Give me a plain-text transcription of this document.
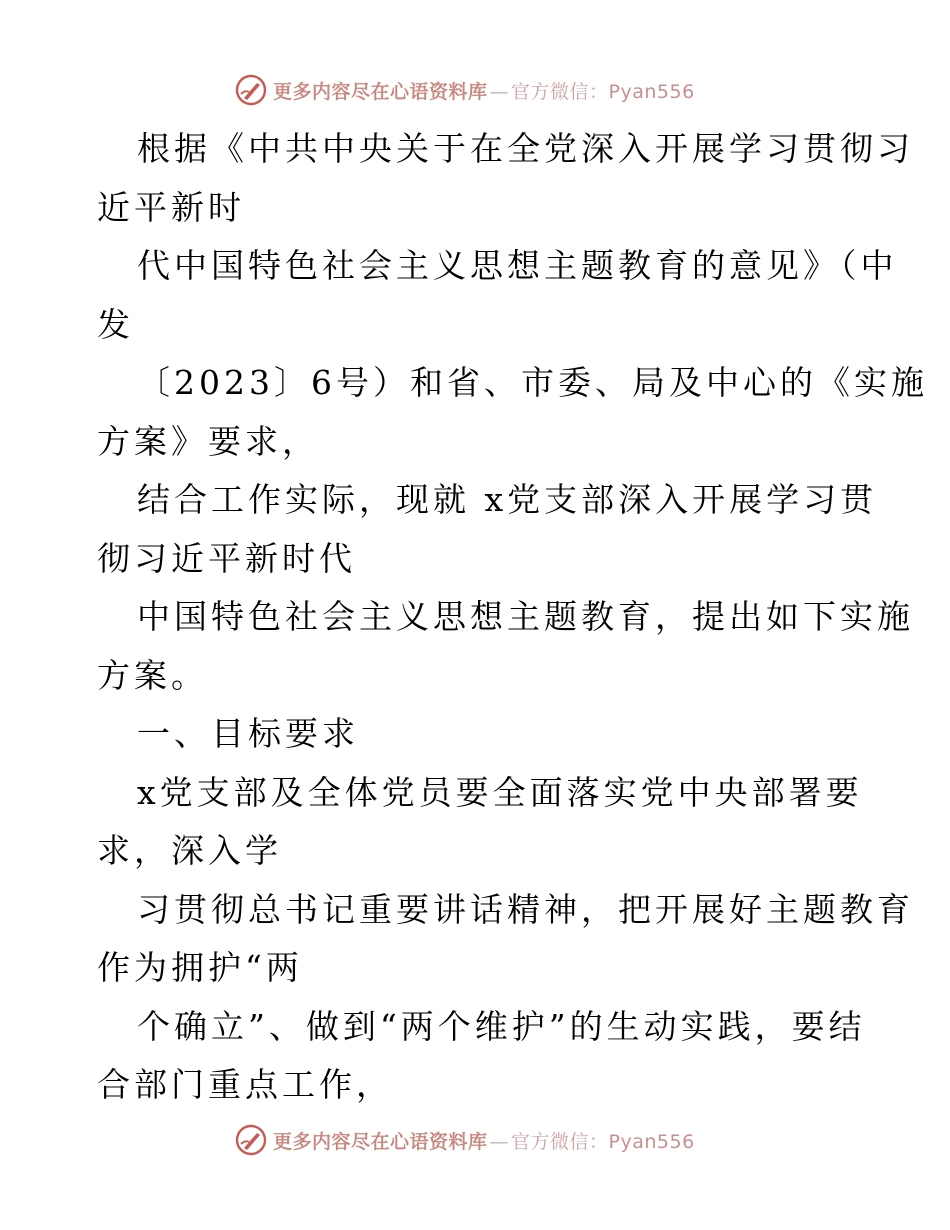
更多内容尽在心语资料库 — 官方微信：Pyan556
根据《中共中央关于在全党深入开展学习贯彻习
近平新时
代中国特色社会主义思想主题教育的意见》（中
发
〔2023〕6号）和省、市委、局及中心的《实施
方案》要求，
结合工作实际，现就 x党支部深入开展学习贯
彻习近平新时代
中国特色社会主义思想主题教育，提出如下实施
方案。
一、目标要求
x党支部及全体党员要全面落实党中央部署要
求，深入学
习贯彻总书记重要讲话精神，把开展好主题教育
作为拥护“两
个确立”、做到“两个维护”的生动实践，要结
合部门重点工作，
更多内容尽在心语资料库 — 官方微信：Pyan556
